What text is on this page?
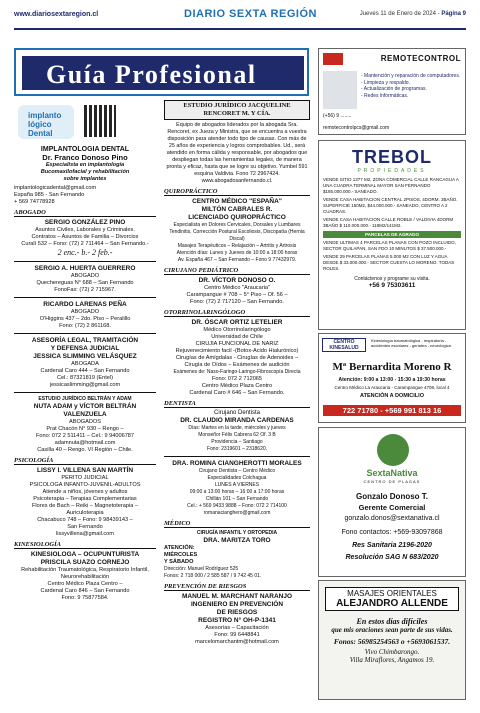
www.diariosextaregion.cl	DIARIO SEXTA REGIÓN	Jueves 11 de Enero de 2024 - Página 9
Guía Profesional
implanto lógico Dental

IMPLANTOLOGIA DENTAL
Dr. Franco Donoso Pino
Especialista en implantología
Bucomaxilofacial y rehabilitación
sobre implantes
implantologicadental@gmail.com
España 985 - San Fernando
+ 569 74778928
ABOGADO
SERGIO GONZÁLEZ PINO
Asuntos Civiles, Laborales y Criminales.
Contratos – Asuntos de Familia – Divorcios
Curalí 532 – Fono: (72) 2 711464 – San Fernando.-
2 enc.- b.- 2 feb.-
SERGIO A. HUERTA GUERRERO
ABOGADO
Quechereguas N° 688 – San Fernando
FonoFax: (72) 2 715967.
RICARDO LARENAS PEÑA
ABOGADO
O'Higgins 437 – 2do. Piso – Peralillo
Fono: (72) 2 861168.
ASESORÍA LEGAL, TRAMITACIÓN
Y DEFENSA JUDICIAL
JESSICA SLIMMING VELÁSQUEZ
ABOGADA
Cardenal Caro 444 – San Fernando
Cel.: 87321819 (Entel)
jessicaslimming@gmail.com
ESTUDIO JURÍDICO BELTRÁN Y ADAM
NUTA ADAM y VÍCTOR BELTRÁN
VALENZUELA
ABOGADOS
Prat Chacón N° 930 – Rengo –
Fono: 072 2 511411 – Cel.: 9 94006787
adamnuta@hotmail.com
Casilla 40 – Rengo. VI Región – Chile.
PSICOLOGÍA
LISSY I. VILLENA SAN MARTÍN
PERITO JUDICIAL
PSICOLOGA INFANTO-JUVENIL-ADULTOS
Atiende a niños, jóvenes y adultos
Psicoterapia – Terapias Complementarias
Flores de Bach – Reiki – Magnetoterapia –
Auriculoterapia
Chacabuco 748 – Fono: 9 98439143 –
San Fernando
lissyvillena@gmail.com
KINESIOLOGÍA
KINESIOLOGA – OCUPUNTURISTA
PRISCILA SUAZO CORNEJO
Rehabilitación Traumatológica, Respiratorio Infantil,
Neurorehabilitación
Centro Médico Plaza Centro –
Cardenal Caro 846 – San Fernando
Fono: 9 75877584.
ESTUDIO JURÍDICO JACQUELINE RENCORET M. Y CÍA.
Equipo de abogados liderados por la abogada Sra. Rencoret, ex Jueza y Ministra, que se encuentra a vuestra disposición para atender todo tipo de causas. Con más de 25 años de experiencia y logros comprobables. Ud., será atendido en forma cálida y responsable, por abogados que despliegan todas las herramientas legales, de manera pronta y eficaz, hasta que se logre su objetivo. Yumbel 591 esquina Valdivia. Fono 72 2967424. www.abogadosanfernando.cl.
QUIROPRÁCTICO
CENTRO MÉDICO "ESPAÑA"
MILTÓN CABRALES R.
LICENCIADO QUIROPRÁCTICO
Especialista en Dolores Cervicales, Dorsales y Lumbares
Tendinitis, Corrección Postural Escoliosis, Discopatía (Hernia Discal)
Masajes Terapéuticos – Relajación – Artritis y Artrosis
Atención días: Lunes y Jueves de 10:00 a 18:00 horas
Av. España 467 – San Fernando – Fono 9 77432979.
CIRUJANO PEDIÁTRICO
DR. VÍCTOR DONOSO O.
Centro Médico "Araucaria"
Carampangue # 708 – 5° Piso – Of. 56 –
Fono: (72) 2 717120 – San Fernando.
OTORRINOLARINGÓLOGO
DR. ÓSCAR ORTIZ LETELIER
Médico Otorrinolaringólogo
Universidad de Chile
CIRUJIA FUNCIONAL DE NARIZ
Rejuvenecimiento facil -(Botox-Acido Hialurónico)
Cirugías de Amígdalas - Cirugías de Adenoides –
Cirugía de Oídos – Exámenes de audición
Exámenes de: Naso-Faringo-Laringo-Fibroscopía Directa
Fono: 072 2 712065
Centro Médico Plaza Centro
Cardenal Caro # 646 – San Fernando.
DENTISTA
Cirujano Dentista
DR. CLAUDIO MIRANDA CARDENAS
Días: Martes en la tarde, miércoles y jueves
Monseñor Félix Cabrera 62 Of. 3 B
Providencia – Santiago
Fono: 2319601 – 2318620.
DRA. ROMINA CIANGHEROTTI MORALES
Cirujano Dentista – Centro Médico
Especialidades Colchagua
LUNES A VIERNES
09:00 a 13:00 horas – 16:00 a 17:00 horas
Chillán 101 – San Fernando
Cel.: + 569 9433 9888 – Fono: 072 2 714100
romanacianghero@gmail.com
MÉDICO
CIRUGÍA INFANTIL Y ORTOPEDIA
DRA. MARITZA TORO
ATENCIÓN:
MIÉRCOLES
Y SÁBADO
Dirección: Manuel Rodríguez 525
Fonos: 2 718 000 / 2 585 587 / 9 742 45 01.
PREVENCIÓN DE RIESGOS
MANUEL M. MARCHANT NARANJO
INGENIERO EN PREVENCIÓN
DE RIESGOS
REGISTRO N° OH-P-1341
Asesorías – Capacitación
Fono: 99 6448841
marcelomarchantm@hotmail.com
REMOTECONTROL
- Mantención y reparación de computadores.
- Limpieza y respaldo.
- Actualización de programas.
- Redes informáticas.
(+56) 9 ........
remotecontrolpcs@gmail.com
TREBOL
PROPIEDADES
VENDE SITIO 1377 M2, ZONA COMERCIAL CALLE RANCAGUA A UNA CUADRA TERMINAL MAYOR SAN FERNANDO $185.000.000.- SANEADO.
VENDE CASA HABITACION CENTRAL 2PISOS, 4DORM. 3BAÑO. SUPERFICIE 150M2, $44.000.000.- SANEADO, CENTRO A 2 CUADRAS.
VENDE CASA HABITACION CALLE ROBLE / VALDIVIA 4DORM 3BAÑO $ 110.000.000.- 118M2/141M2.
PARCELAS DE AGRADO
VENDE ULTIMAS 4 PARCELAS PLANAS CON POZO INCLUIDO, SECTOR QUILAPAN, SAN FDO 10 MINUTOS $ 37.500.000.-
VENDE 29 PARCELAS PLANAS 5.000 M2 CON LUZ Y AGUA DESDE $ 33.000.000.- SECTOR CUESTA LO MORENO. TODAS ROLES.
Contáctenos y programe su visita.
+56 9 75303611
CENTRO KINESALUD
Kinesiología traumatológica - respiratoria - accidentes escolares - geriatría - neurológica
Mª Bernardita Moreno R
Atención: 9:00 a 13:00 - 15:30 a 19:30 horas
Centro Médico La Araucaria - Carampangue 4708, local 4
ATENCIÓN A DOMICILIO
722 71780 - +569 991 813 16
SextaNativa
CENTRO DE PLAGAS
Gonzalo Donoso T.
Gerente Comercial
gonzalo.donos@sextanativa.cl
Fono contactos: +569-93097868
Res Sanitaria 2196-2020
Resolución SAG N 683/2020
MASAJES ORIENTALES
ALEJANDRO ALLENDE
En estos días difíciles
que mis oraciones sean parte de sus vidas.
Fonos: 56985254563 o +5693061537.
Vivo Chimbarongo.
Villa Miraflores, Angamos 19.
